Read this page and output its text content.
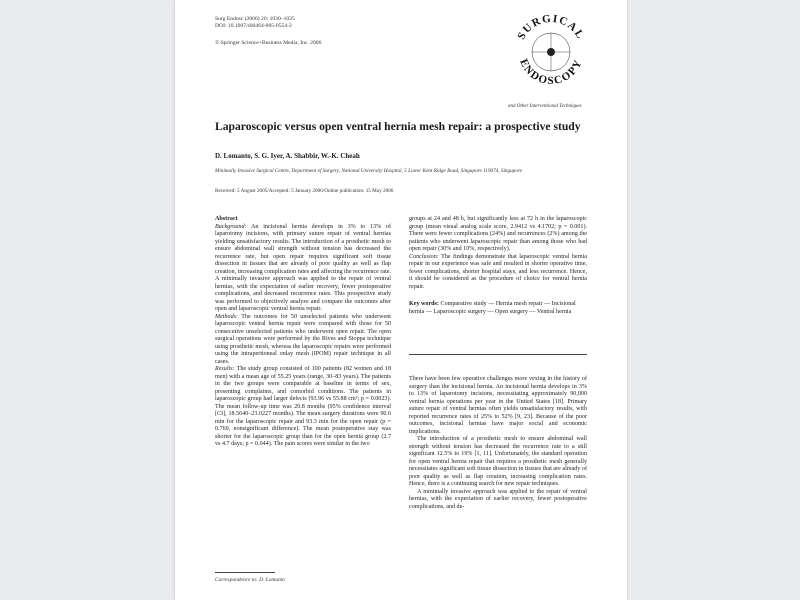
Surg Endosc (2006) 20: 1030–1035
DOI: 10.1007/s00464-005-0554-2
© Springer Science+Business Media, Inc. 2006
SURGICAL
ENDOSCOPY
and Other Interventional Techniques
Laparoscopic versus open ventral hernia mesh repair: a prospective study
D. Lomanto, S. G. Iyer, A. Shabbir, W.-K. Cheah
Minimally Invasive Surgical Centre, Department of Surgery, National University Hospital, 5 Lower Kent Ridge Road, Singapore 119074, Singapore
Received: 5 August 2005/Accepted: 5 January 2006/Online publication: 15 May 2006

Abstract

Background: An incisional hernia develops in 3% to 13% of laparotomy incisions, with primary suture repair of ventral hernias yielding unsatisfactory results. The introduction of a prosthetic mesh to ensure abdominal wall strength without tension has decreased the recurrence rate, but open repair requires significant soft tissue dissection in tissues that are already of poor quality as well as flap creation, increasing complication rates and affecting the recurrence rate. A minimally invasive approach was applied to the repair of ventral hernias, with the expectation of earlier recovery, fewer postoperative complications, and decreased recurrence rates. This prospective study was performed to objectively analyze and compare the outcomes after open and laparoscopic ventral hernia repair.

Methods: The outcomes for 50 unselected patients who underwent laparoscopic ventral hernia repair were compared with those for 50 consecutive unselected patients who underwent open repair. The open surgical operations were performed by the Rives and Stoppa technique using prosthetic mesh, whereas the laparoscopic repairs were performed using the intraperitoneal onlay mesh (IPOM) repair technique in all cases.

Results: The study group consisted of 100 patients (82 women and 18 men) with a mean age of 55.25 years (range, 30–83 years). The patients in the two groups were comparable at baseline in terms of sex, presenting complaints, and comorbid conditions. The patients in laparoscopic group had larger defects (93.96 vs 55.88 cm²; p = 0.0023). The mean follow-up time was 20.8 months (95% confidence interval [CI], 18.5640–23.0227 months). The mean surgery durations were 90.6 min for the laparoscopic repair and 93.3 min for the open repair (p = 0.769, nonsignificant difference). The mean postoperative stay was shorter for the laparoscopic group than for the open hernia group (2.7 vs 4.7 days; p = 0.044). The pain scores were similar in the two

groups at 24 and 48 h, but significantly less at 72 h in the laparoscopic group (mean visual analog scale score, 2.9412 vs 4.1702; p = 0.001). There were fewer complications (24%) and recurrences (2%) among the patients who underwent laparoscopic repair than among those who had open repair (30% and 10%, respectively).

Conclusion: The findings demonstrate that laparoscopic ventral hernia repair in our experience was safe and resulted in shorter operative time, fewer complications, shorter hospital stays, and less recurrence. Hence, it should be considered as the procedure of choice for ventral hernia repair.

Key words: Comparative study — Hernia mesh repair — Incisional hernia — Laparoscopic surgery — Open surgery — Ventral hernia

There have been few operative challenges more vexing in the history of surgery than the incisional hernia. An incisional hernia develops in 3% to 13% of laparotomy incisions, necessitating approximately 90,000 ventral hernia operations per year in the United States [18]. Primary suture repair of ventral hernias often yields unsatisfactory results, with reported recurrence rates of 25% to 52% [9, 23]. Because of the poor outcomes, incisional hernias have major social and economic implications.

The introduction of a prosthetic mesh to ensure abdominal wall strength without tension has decreased the recurrence rate to a still significant 12.5% to 19% [1, 11]. Unfortunately, the standard operation for open ventral hernia repair that requires a prosthetic mesh generally necessitates significant soft tissue dissection in tissues that are already of poor quality as well as flap creation, increasing complication rates. Hence, there is a continuing search for new repair techniques.

A minimally invasive approach was applied to the repair of ventral hernias, with the expectation of earlier recovery, fewer postoperative complications, and de-

Correspondence to: D. Lomanto
